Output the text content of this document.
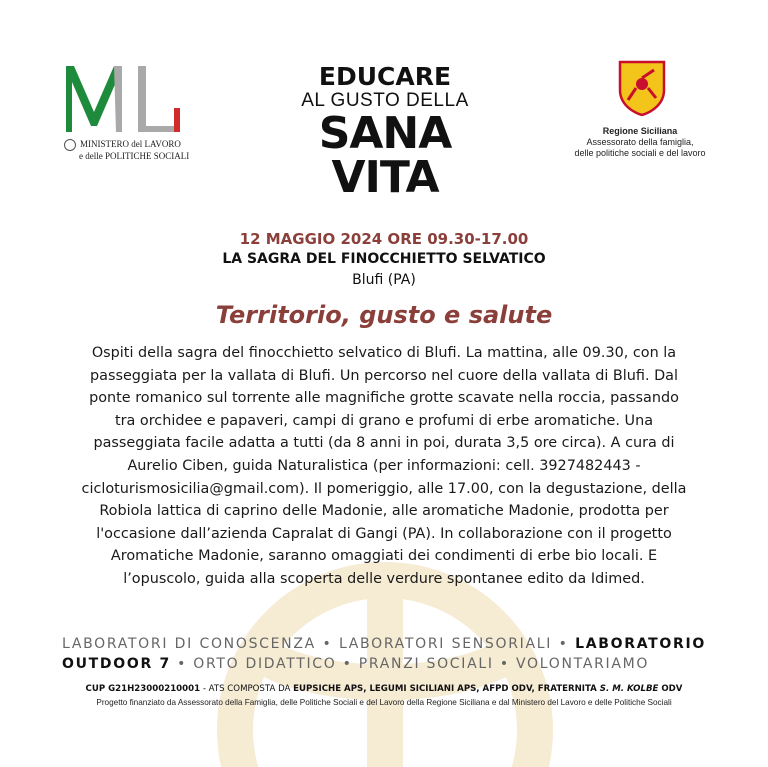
MINISTERO del LAVORO
e delle POLITICHE SOCIALI
EDUCARE
AL GUSTO DELLA
SANA
VITA
Regione Siciliana
Assessorato della famiglia,
delle politiche sociali e del lavoro
12 MAGGIO 2024 ORE 09.30-17.00
LA SAGRA DEL FINOCCHIETTO SELVATICO
Blufi (PA)
Territorio, gusto e salute
Ospiti della sagra del finocchietto selvatico di Blufi. La mattina, alle 09.30, con la
passeggiata per la vallata di Blufi. Un percorso nel cuore della vallata di Blufi. Dal
ponte romanico sul torrente alle magnifiche grotte scavate nella roccia, passando
tra orchidee e papaveri, campi di grano e profumi di erbe aromatiche. Una
passeggiata facile adatta a tutti (da 8 anni in poi, durata 3,5 ore circa). A cura di
Aurelio Ciben, guida Naturalistica (per informazioni: cell. 3927482443 -
cicloturismosicilia@gmail.com). Il pomeriggio, alle 17.00, con la degustazione, della
Robiola lattica di caprino delle Madonie, alle aromatiche Madonie, prodotta per
l'occasione dall’azienda Capralat di Gangi (PA). In collaborazione con il progetto
Aromatiche Madonie, saranno omaggiati dei condimenti di erbe bio locali. E
l’opuscolo, guida alla scoperta delle verdure spontanee edito da Idimed.
LABORATORI DI CONOSCENZA • LABORATORI SENSORIALI • LABORATORIO OUTDOOR 7 • ORTO DIDATTICO • PRANZI SOCIALI • VOLONTARIAMO
CUP G21H23000210001 - ATS COMPOSTA DA EUPSICHE APS, LEGUMI SICILIANI APS, AFPD ODV, FRATERNITA S. M. KOLBE ODV
Progetto finanziato da Assessorato della Famiglia, delle Politiche Sociali e del Lavoro della Regione Siciliana e dal Ministero del Lavoro e delle Politiche Sociali
